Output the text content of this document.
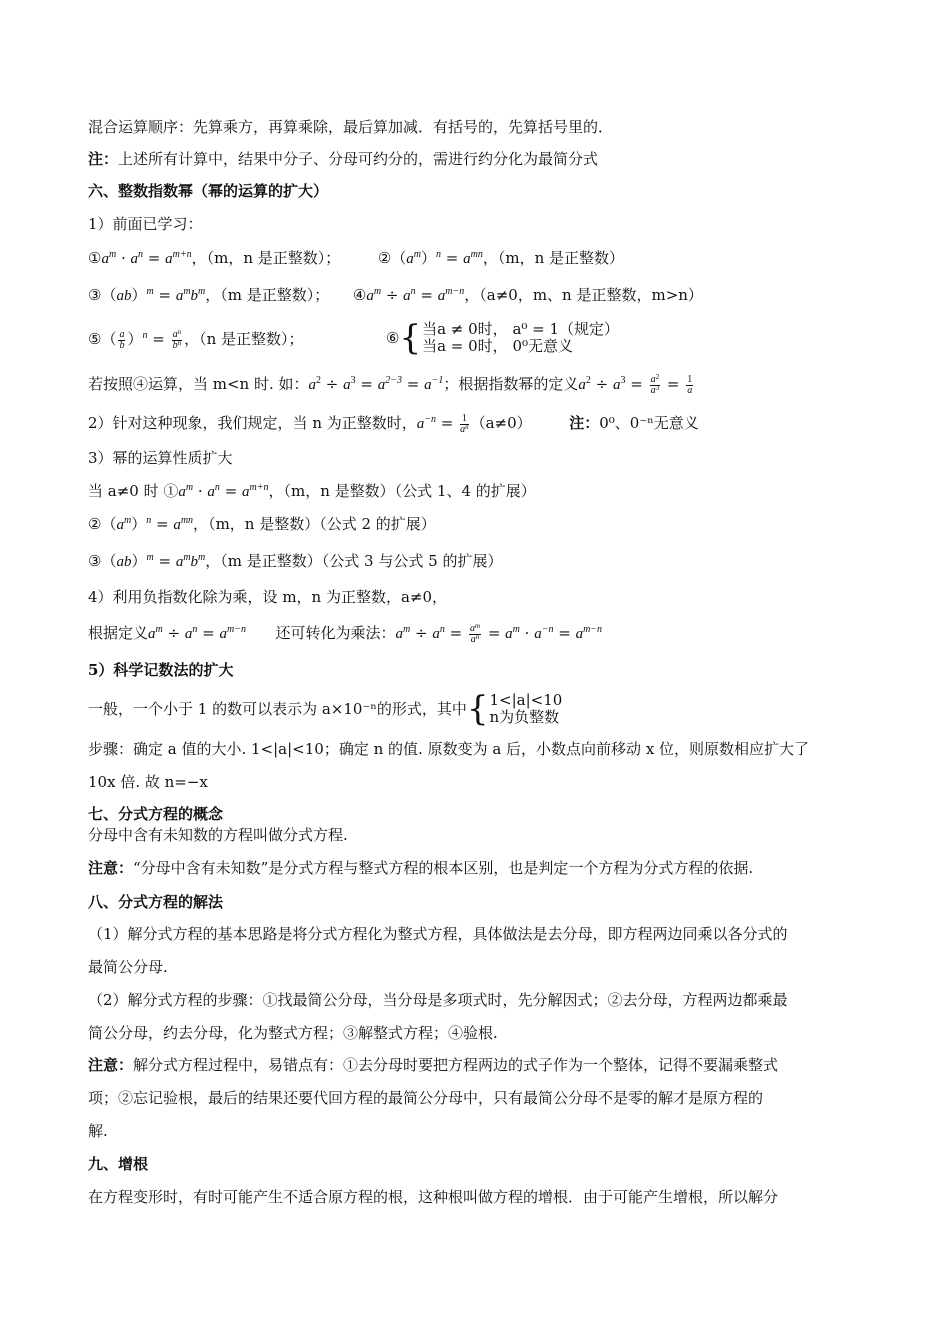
混合运算顺序：先算乘方，再算乘除，最后算加减．有括号的，先算括号里的．
注：上述所有计算中，结果中分子、分母可约分的，需进行约分化为最简分式
六、整数指数幂（幂的运算的扩大）
1）前面已学习：
$①a^m \cdot a^n = a^{m+n}$，（m，n 是正整数）；	$②(a^m)^n = a^{mn}$，（m，n 是正整数）
③（ab）$^m$ = $a^mb^m$，（m 是正整数）； $④a^m \div a^n = a^{m-n}$，（a≠0，m、n 是正整数，m>n）
⑤（ $\frac{a}{b} )^n = \frac{a^n}{b^n}$ ，（n 是正整数）；	⑥ { 当a ≠ 0时， a⁰ = 1（规定）
当a = 0时， 0⁰无意义
若按照④运算，当 m<n 时. 如：$a^2 \div a^3 = a^{2-3} = a^{-1}$；根据指数幂的定义$a^2 \div a^3 = \frac{a^2}{a^3} = \frac{1}{a}$
2）针对这种现象，我们规定，当 n 为正整数时，$a^{-n} = \frac{1}{a^n} (a\ne 0)$	注：0⁰、0⁻ⁿ无意义
3）幂的运算性质扩大
当 a≠0 时 $①a^m \cdot a^n = a^{m+n}$，（m，n 是整数）（公式 1、4 的扩展）
$②(a^m)^n = a^{mn}$，（m，n 是整数）（公式 2 的扩展）
③（ab）$^m$ = $a^mb^m$，（m 是正整数）（公式 3 与公式 5 的扩展）
4）利用负指数化除为乘，设 m，n 为正整数，a≠0，
根据定义$a^m \div a^n = a^{m-n}$ 还可转化为乘法：$a^m \div a^n = \frac{a^m}{a^n} = a^m \cdot a^{-n} = a^{m-n}$
5）科学记数法的扩大
一般，一个小于 1 的数可以表示为 a×10⁻ⁿ的形式，其中 { 1<|a|<10
n为负整数
步骤：确定 a 值的大小. 1<|a|<10；确定 n 的值. 原数变为 a 后，小数点向前移动 x 位，则原数相应扩大了
10x 倍. 故 n=−x
七、分式方程的概念
分母中含有未知数的方程叫做分式方程.
注意：“分母中含有未知数”是分式方程与整式方程的根本区别，也是判定一个方程为分式方程的依据.
八、分式方程的解法
（1）解分式方程的基本思路是将分式方程化为整式方程，具体做法是去分母，即方程两边同乘以各分式的
最简公分母.
（2）解分式方程的步骤：①找最简公分母，当分母是多项式时，先分解因式；②去分母，方程两边都乘最
简公分母，约去分母，化为整式方程；③解整式方程；④验根.
注意：解分式方程过程中，易错点有：①去分母时要把方程两边的式子作为一个整体，记得不要漏乘整式
项；②忘记验根，最后的结果还要代回方程的最简公分母中，只有最简公分母不是零的解才是原方程的
解.
九、增根
在方程变形时，有时可能产生不适合原方程的根，这种根叫做方程的增根．由于可能产生增根，所以解分
